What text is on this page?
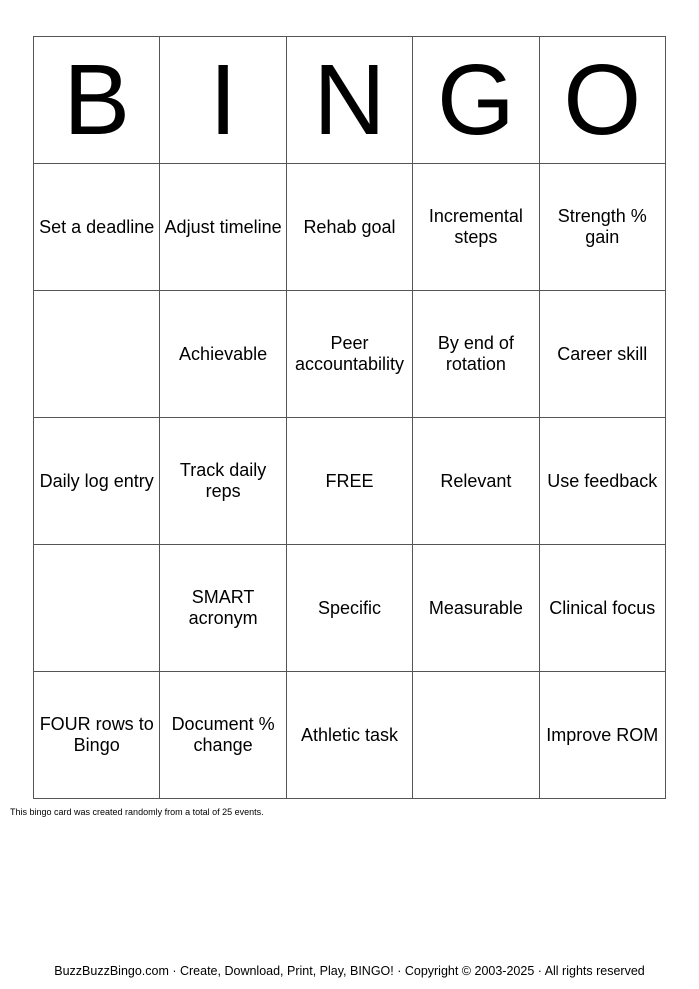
B	I	N	G	O
Set a deadline	Adjust timeline	Rehab goal	Incremental steps	Strength % gain
	Achievable	Peer accountability	By end of rotation	Career skill
Daily log entry	Track daily reps	FREE	Relevant	Use feedback
	SMART acronym	Specific	Measurable	Clinical focus
FOUR rows to Bingo	Document % change	Athletic task		Improve ROM
This bingo card was created randomly from a total of 25 events.
BuzzBuzzBingo.com · Create, Download, Print, Play, BINGO! · Copyright © 2003-2025 · All rights reserved
